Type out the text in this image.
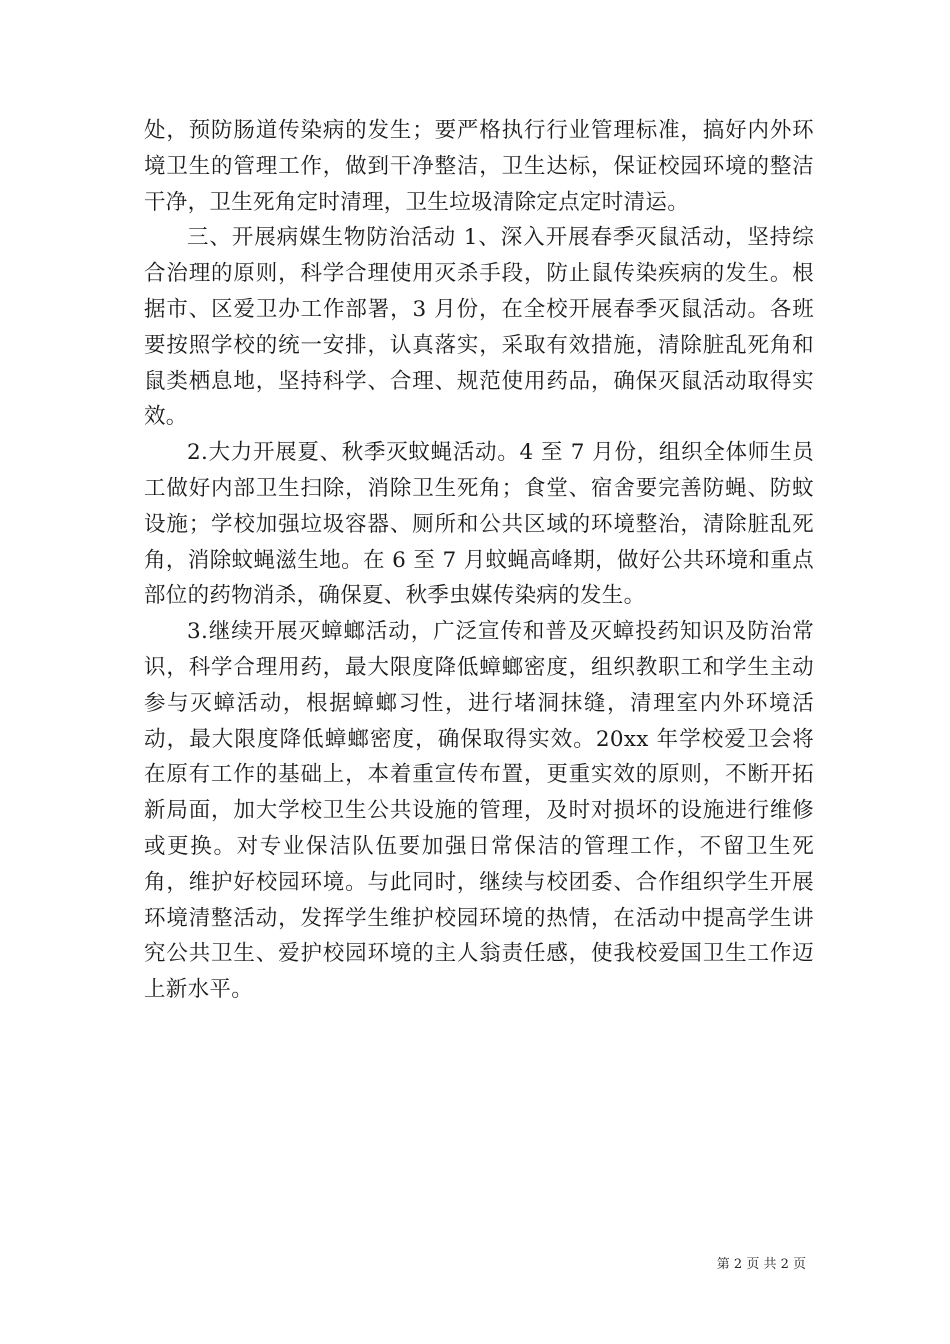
处，预防肠道传染病的发生；要严格执行行业管理标准，搞好内外环境卫生的管理工作，做到干净整洁，卫生达标，保证校园环境的整洁干净，卫生死角定时清理，卫生垃圾清除定点定时清运。

三、开展病媒生物防治活动 1、深入开展春季灭鼠活动，坚持综合治理的原则，科学合理使用灭杀手段，防止鼠传染疾病的发生。根据市、区爱卫办工作部署，3 月份，在全校开展春季灭鼠活动。各班要按照学校的统一安排，认真落实，采取有效措施，清除脏乱死角和鼠类栖息地，坚持科学、合理、规范使用药品，确保灭鼠活动取得实效。

2.大力开展夏、秋季灭蚊蝇活动。4 至 7 月份，组织全体师生员工做好内部卫生扫除，消除卫生死角；食堂、宿舍要完善防蝇、防蚊设施；学校加强垃圾容器、厕所和公共区域的环境整治，清除脏乱死角，消除蚊蝇滋生地。在 6 至 7 月蚊蝇高峰期，做好公共环境和重点部位的药物消杀，确保夏、秋季虫媒传染病的发生。

3.继续开展灭蟑螂活动，广泛宣传和普及灭蟑投药知识及防治常识，科学合理用药，最大限度降低蟑螂密度，组织教职工和学生主动参与灭蟑活动，根据蟑螂习性，进行堵洞抹缝，清理室内外环境活动，最大限度降低蟑螂密度，确保取得实效。20xx 年学校爱卫会将在原有工作的基础上，本着重宣传布置，更重实效的原则，不断开拓新局面，加大学校卫生公共设施的管理，及时对损坏的设施进行维修或更换。对专业保洁队伍要加强日常保洁的管理工作，不留卫生死角，维护好校园环境。与此同时，继续与校团委、合作组织学生开展环境清整活动，发挥学生维护校园环境的热情，在活动中提高学生讲究公共卫生、爱护校园环境的主人翁责任感，使我校爱国卫生工作迈上新水平。

第 2 页 共 2 页
